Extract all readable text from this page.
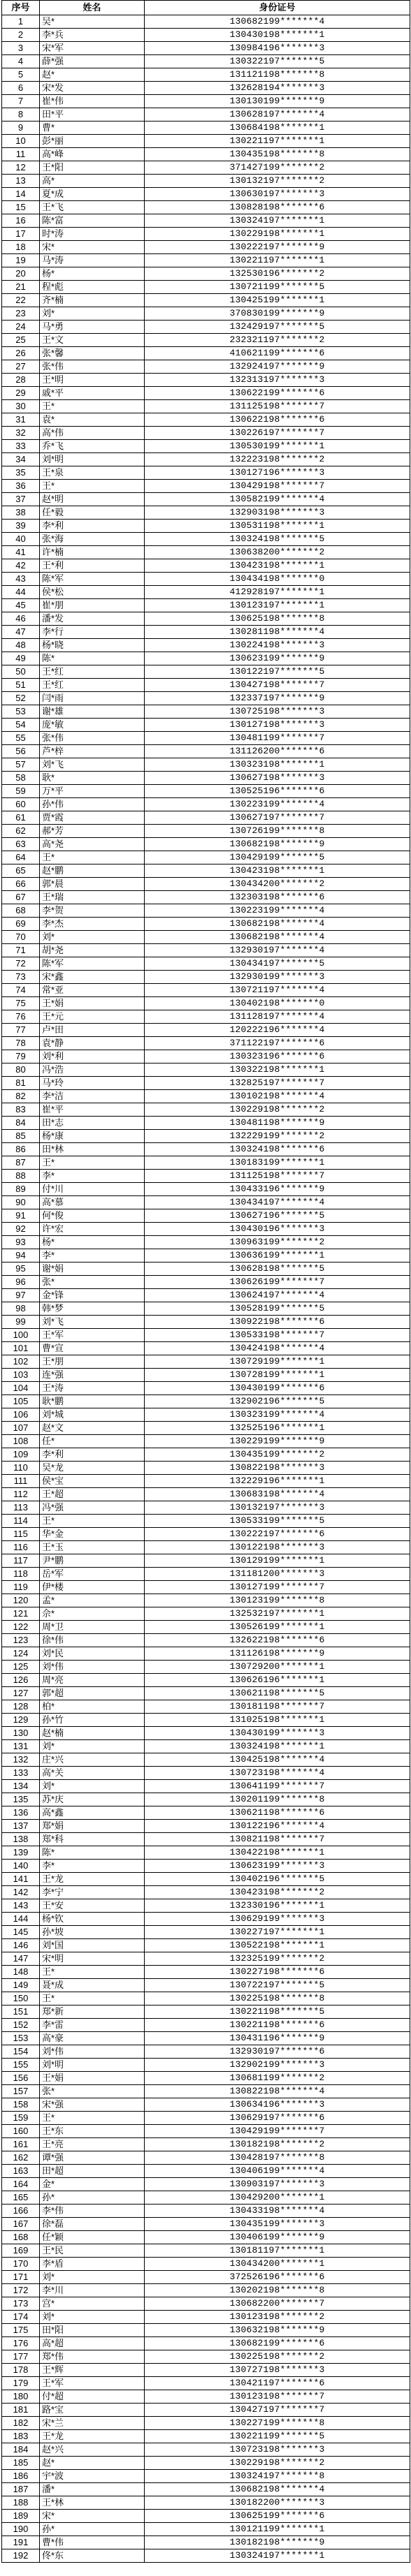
序号	姓名	身份证号
1	吴*	130682199*******4
2	李*兵	130430198*******1
3	宋*军	130984196*******3
4	薛*强	130322197*******5
5	赵*	131121198*******8
6	宋*发	132628194*******3
7	崔*伟	130130199*******9
8	田*平	130628197*******4
9	曹*	130684198*******1
10	彭*丽	130221197*******1
11	高*峰	130435198*******8
12	王*阳	371427199*******2
13	高*	130132197*******2
14	夏*成	130630197*******3
15	王*飞	130828198*******6
16	陈*富	130324197*******1
17	时*涛	130229198*******1
18	宋*	130222197*******9
19	马*涛	130221197*******1
20	杨*	132530196*******2
21	程*彪	130721199*******5
22	齐*楠	130425199*******1
23	刘*	370830199*******9
24	马*勇	132429197*******5
25	王*文	232321197*******2
26	张*馨	410621199*******6
27	张*伟	132924197*******9
28	王*明	132313197*******3
29	戚*平	130622199*******6
30	王*	131125198*******7
31	袁*	130622198*******6
32	高*伟	130226197*******7
33	乔*飞	130530199*******1
34	刘*明	132223198*******2
35	王*泉	130127196*******3
36	王*	130429198*******7
37	赵*明	130582199*******4
38	任*毅	132903198*******3
39	李*利	130531198*******1
40	张*海	130324198*******5
41	许*楠	130638200*******2
42	王*利	130423198*******1
43	陈*军	130434198*******0
44	侯*松	412928197*******1
45	崔*朋	130123197*******1
46	潘*发	130625198*******8
47	李*行	130281198*******4
48	杨*晓	130224198*******3
49	陈*	130623199*******9
50	王*红	130122197*******5
51	王*红	130427198*******7
52	闫*雨	132337197*******9
53	谢*雄	130725198*******3
54	庞*敏	130127198*******3
55	张*伟	130481199*******7
56	芦*梓	131126200*******6
57	刘*飞	130323198*******1
58	耿*	130627198*******3
59	万*平	130525196*******6
60	孙*伟	130223199*******4
61	贾*霞	130627197*******7
62	郝*芳	130726199*******8
63	高*尧	130682198*******9
64	王*	130429199*******5
65	赵*鹏	130423198*******1
66	郭*晨	130434200*******2
67	王*瑞	132303198*******6
68	李*贺	130223199*******4
69	李*杰	130682198*******4
70	刘*	130682198*******4
71	胡*尧	132930197*******4
72	陈*军	130434197*******5
73	宋*鑫	132930199*******3
74	常*亚	130721197*******4
75	王*娟	130402198*******0
76	王*元	131128197*******4
77	卢*田	120222196*******4
78	袁*静	371122197*******6
79	刘*利	130323196*******6
80	冯*浩	130322198*******1
81	马*玲	132825197*******7
82	李*洁	130102198*******4
83	崔*平	130229198*******2
84	田*志	130481198*******9
85	杨*康	132229199*******2
86	田*林	130324198*******6
87	王*	130183199*******1
88	李*	131125198*******7
89	付*川	130433196*******9
90	高*慕	130434197*******4
91	何*俊	130627196*******5
92	许*宏	130430196*******3
93	杨*	130963199*******2
94	李*	130636199*******1
95	谢*娟	130628198*******5
96	张*	130626199*******7
97	金*锋	130624197*******4
98	韩*梦	130528199*******5
99	刘*飞	130922198*******6
100	王*军	130533198*******7
101	曹*宣	130424198*******4
102	王*朋	130729199*******1
103	连*强	130728199*******1
104	王*涛	130430199*******6
105	耿*鹏	132902196*******5
106	刘*城	130323199*******4
107	赵*文	132525196*******1
108	任*	130229199*******9
109	李*利	130435199*******2
110	吴*龙	130822198*******3
111	侯*宝	132229196*******1
112	王*超	130683198*******4
113	冯*强	130132197*******3
114	王*	130533199*******5
115	华*金	130222197*******6
116	王*玉	130122198*******3
117	尹*鹏	130129199*******1
118	岳*军	131181200*******3
119	伊*楼	130127199*******7
120	孟*	130123199*******8
121	佘*	132532197*******1
122	周*卫	130526199*******1
123	徐*伟	132622198*******6
124	刘*民	131126198*******9
125	刘*伟	130729200*******1
126	周*亮	130626196*******1
127	郭*超	130621198*******5
128	柏*	130181198*******7
129	孙*竹	131025198*******1
130	赵*楠	130430199*******3
131	刘*	130324198*******1
132	庄*兴	130425198*******4
133	高*关	130723198*******4
134	刘*	130641199*******7
135	苏*庆	130201199*******8
136	高*鑫	130621198*******6
137	郑*娟	130122196*******4
138	郑*科	130821198*******7
139	陈*	130422198*******1
140	李*	130623199*******3
141	王*龙	130402196*******5
142	李*宁	130423198*******2
143	王*安	132330196*******1
144	杨*钦	130629199*******3
145	孙*坡	130227197*******1
146	刘*国	130522198*******1
147	宋*明	132325199*******2
148	王*	130227198*******6
149	聂*成	130722197*******5
150	王*	130225198*******8
151	郑*新	130221198*******5
152	李*雷	130221198*******6
153	高*豪	130431196*******9
154	刘*伟	132930197*******6
155	刘*明	132902199*******3
156	王*娟	130681199*******2
157	张*	130822198*******4
158	宋*强	130634196*******3
159	王*	130629197*******6
160	王*东	130429199*******7
161	王*亮	130182198*******2
162	谭*强	130428197*******8
163	田*超	130406199*******4
164	金*	130903197*******3
165	孙*	130429200*******1
166	李*伟	130433198*******4
167	徐*磊	130435199*******3
168	任*颖	130406199*******9
169	王*民	130181197*******1
170	李*盾	130434200*******1
171	刘*	372526196*******6
172	李*川	130202198*******8
173	宫*	130682200*******7
174	刘*	130123198*******2
175	田*阳	130632198*******9
176	高*超	130682199*******6
177	郑*伟	130225198*******2
178	王*辉	130727198*******3
179	王*军	130421197*******6
180	付*超	130123198*******7
181	路*宝	130427197*******7
182	宋*兰	130227199*******8
183	王*龙	130221199*******5
184	赵*兴	130723198*******3
185	赵*	130229198*******2
186	宇*波	130324197*******8
187	潘*	130682198*******4
188	王*林	130182200*******3
189	宋*	130625199*******6
190	孙*	130121199*******1
191	曹*伟	130182198*******9
192	佟*东	130324197*******1
